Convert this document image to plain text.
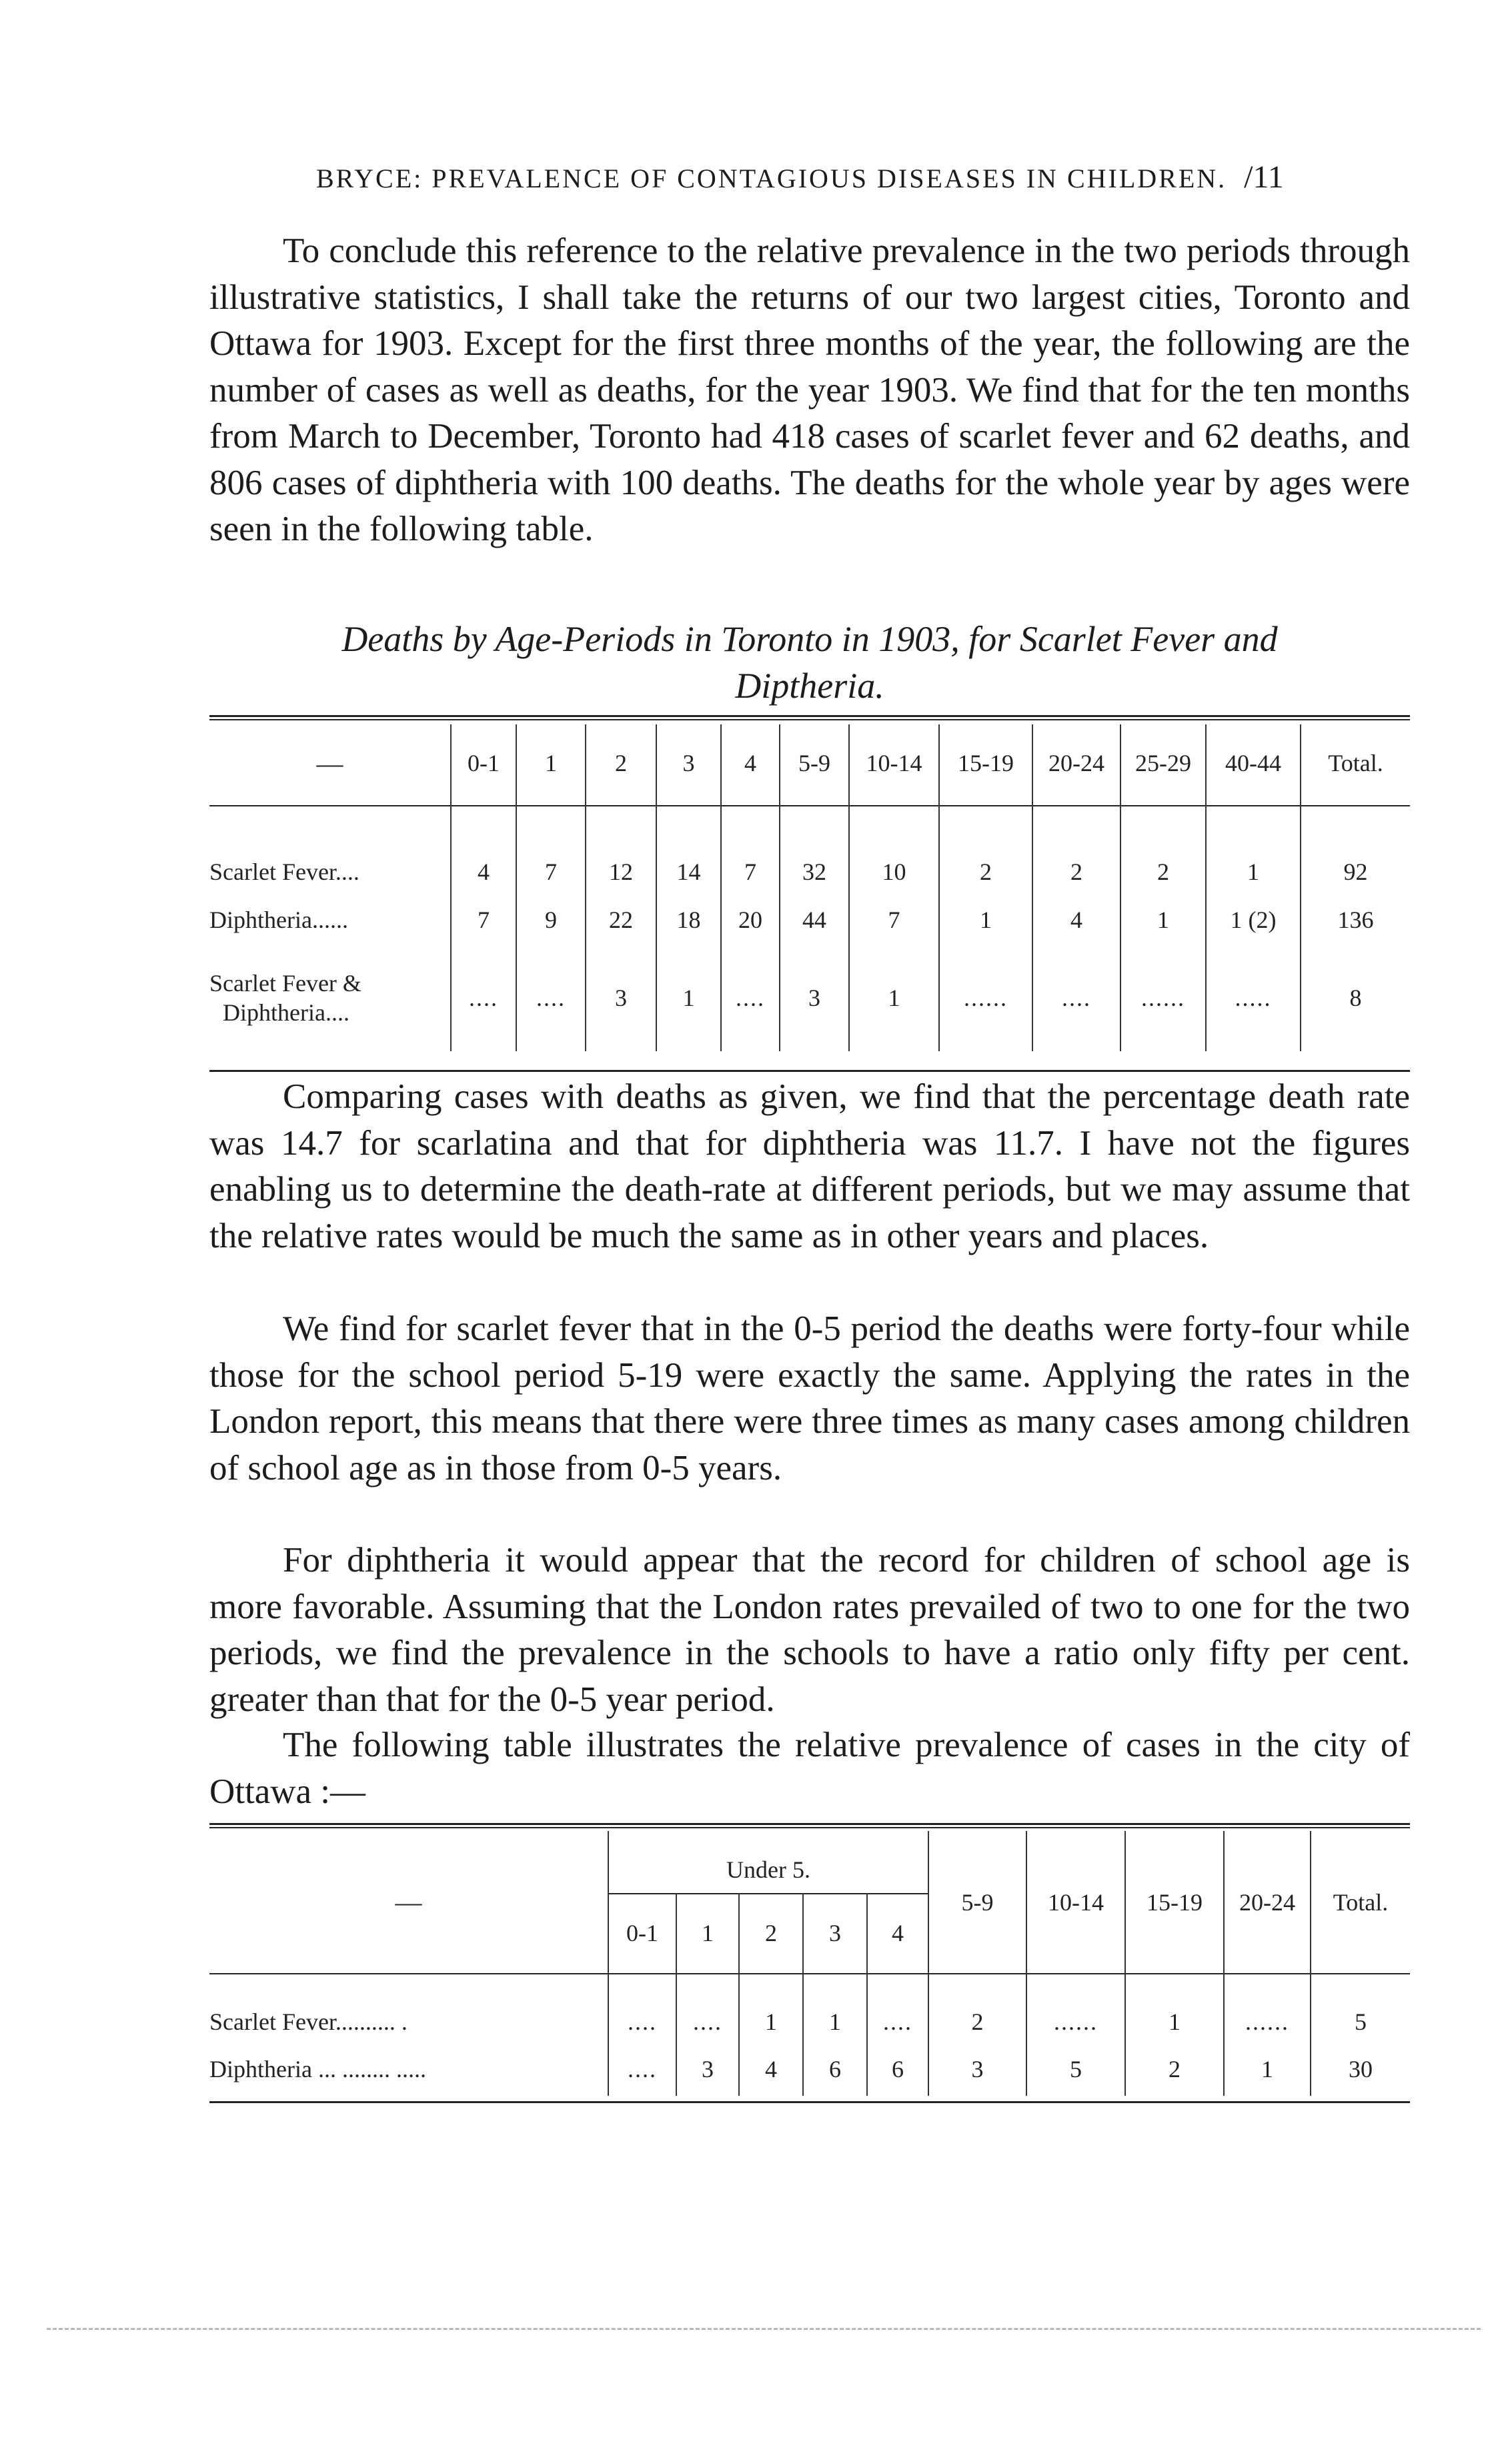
BRYCE: PREVALENCE OF CONTAGIOUS DISEASES IN CHILDREN. /11
To conclude this reference to the relative prevalence in the two periods through illustrative statistics, I shall take the returns of our two largest cities, Toronto and Ottawa for 1903. Except for the first three months of the year, the following are the number of cases as well as deaths, for the year 1903. We find that for the ten months from March to December, Toronto had 418 cases of scarlet fever and 62 deaths, and 806 cases of diphtheria with 100 deaths. The deaths for the whole year by ages were seen in the following table.
Deaths by Age-Periods in Toronto in 1903, for Scarlet Fever and
Diptheria.
—	0-1	1	2	3	4	5-9	10-14	15-19	20-24	25-29	40-44	Total.

Scarlet Fever....	4	7	12	14	7	32	10	2	2	2	1	92
Diphtheria......	7	9	22	18	20	44	7	1	4	1	1 (2)	136

Scarlet Fever &
Diphtheria....	....	....	3	1	....	3	1	......	....	......	.....	8
Comparing cases with deaths as given, we find that the percentage death rate was 14.7 for scarlatina and that for diphtheria was 11.7. I have not the figures enabling us to determine the death-rate at different periods, but we may assume that the relative rates would be much the same as in other years and places.
We find for scarlet fever that in the 0-5 period the deaths were forty-four while those for the school period 5-19 were exactly the same. Applying the rates in the London report, this means that there were three times as many cases among children of school age as in those from 0-5 years.
For diphtheria it would appear that the record for children of school age is more favorable. Assuming that the London rates prevailed of two to one for the two periods, we find the prevalence in the schools to have a ratio only fifty per cent. greater than that for the 0-5 year period.
The following table illustrates the relative prevalence of cases in the city of Ottawa :—
—	Under 5.					5-9	10-14	15-19	20-24	Total.
	0-1	1	2	3	4					
Scarlet Fever.......... .	....	....	1	1	....	2	......	1	......	5
Diphtheria ... ........ .....	....	3	4	6	6	3	5	2	1	30
